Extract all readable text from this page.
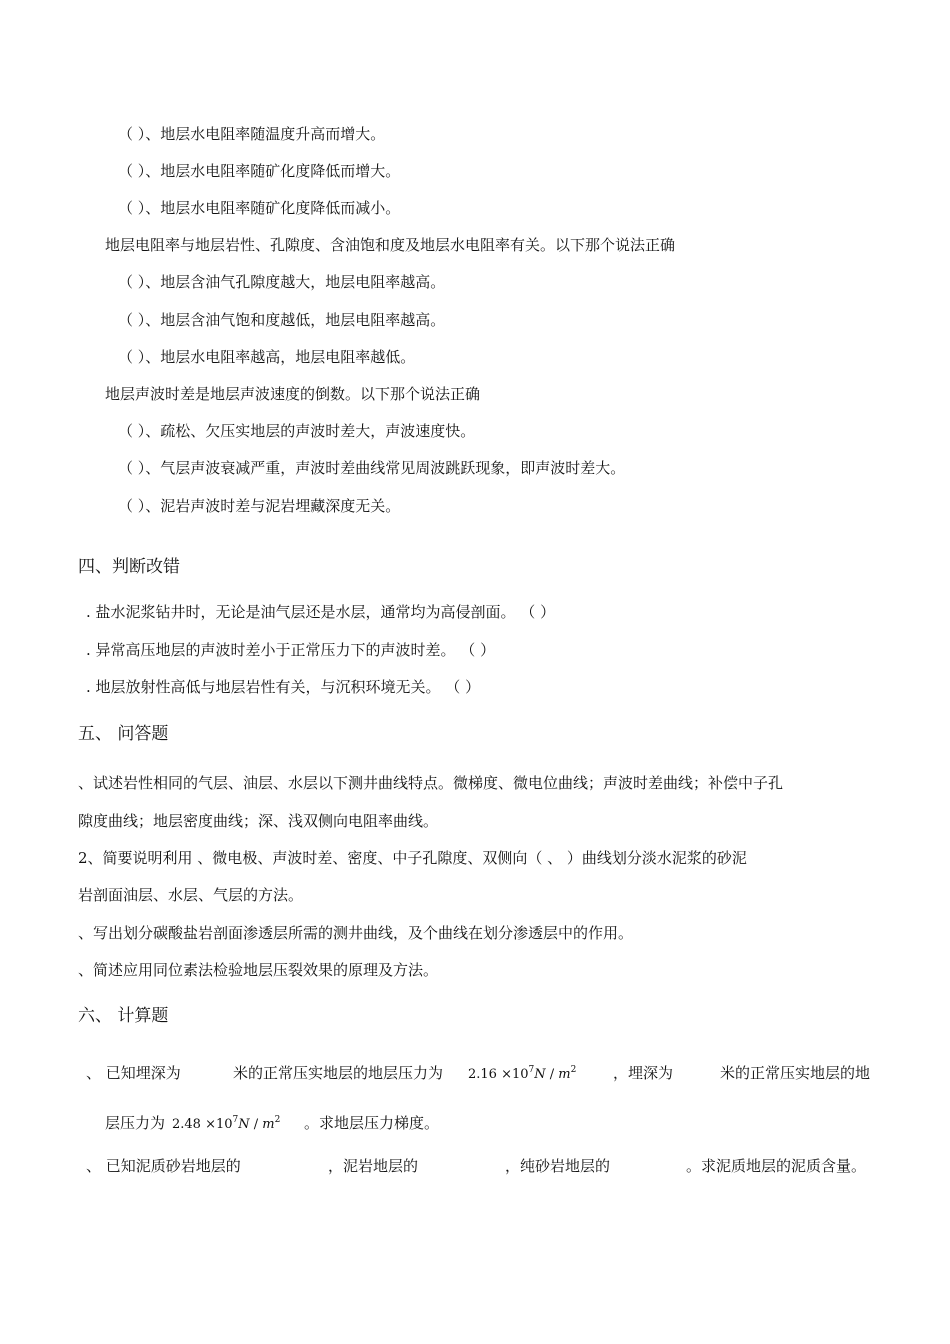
（ ）、地层水电阻率随温度升高而增大。
（ ）、地层水电阻率随矿化度降低而增大。
（ ）、地层水电阻率随矿化度降低而减小。
地层电阻率与地层岩性、孔隙度、含油饱和度及地层水电阻率有关。以下那个说法正确
（ ）、地层含油气孔隙度越大，地层电阻率越高。
（ ）、地层含油气饱和度越低，地层电阻率越高。
（ ）、地层水电阻率越高，地层电阻率越低。
地层声波时差是地层声波速度的倒数。以下那个说法正确
（ ）、疏松、欠压实地层的声波时差大，声波速度快。
（ ）、气层声波衰减严重，声波时差曲线常见周波跳跃现象，即声波时差大。
（ ）、泥岩声波时差与泥岩埋藏深度无关。
四、判断改错
. 盐水泥浆钻井时，无论是油气层还是水层，通常均为高侵剖面。 （ ）
. 异常高压地层的声波时差小于正常压力下的声波时差。 （ ）
. 地层放射性高低与地层岩性有关，与沉积环境无关。 （ ）
五、 问答题
、试述岩性相同的气层、油层、水层以下测井曲线特点。微梯度、微电位曲线；声波时差曲线；补偿中子孔
隙度曲线；地层密度曲线；深、浅双侧向电阻率曲线。
2、简要说明利用 、微电极、声波时差、密度、中子孔隙度、双侧向（ 、 ）曲线划分淡水泥浆的砂泥
岩剖面油层、水层、气层的方法。
、写出划分碳酸盐岩剖面渗透层所需的测井曲线，及个曲线在划分渗透层中的作用。
、简述应用同位素法检验地层压裂效果的原理及方法。
六、 计算题
、 已知埋深为	米的正常压实地层的地层压力为 $2.16 \times 10^7N / m^2$ ，埋深为	米的正常压实地层的地
层压力为 $2.48 \times 10^7N / m^2$ 。求地层压力梯度。
、 已知泥质砂岩地层的	，泥岩地层的	，纯砂岩地层的	。求泥质地层的泥质含量。
